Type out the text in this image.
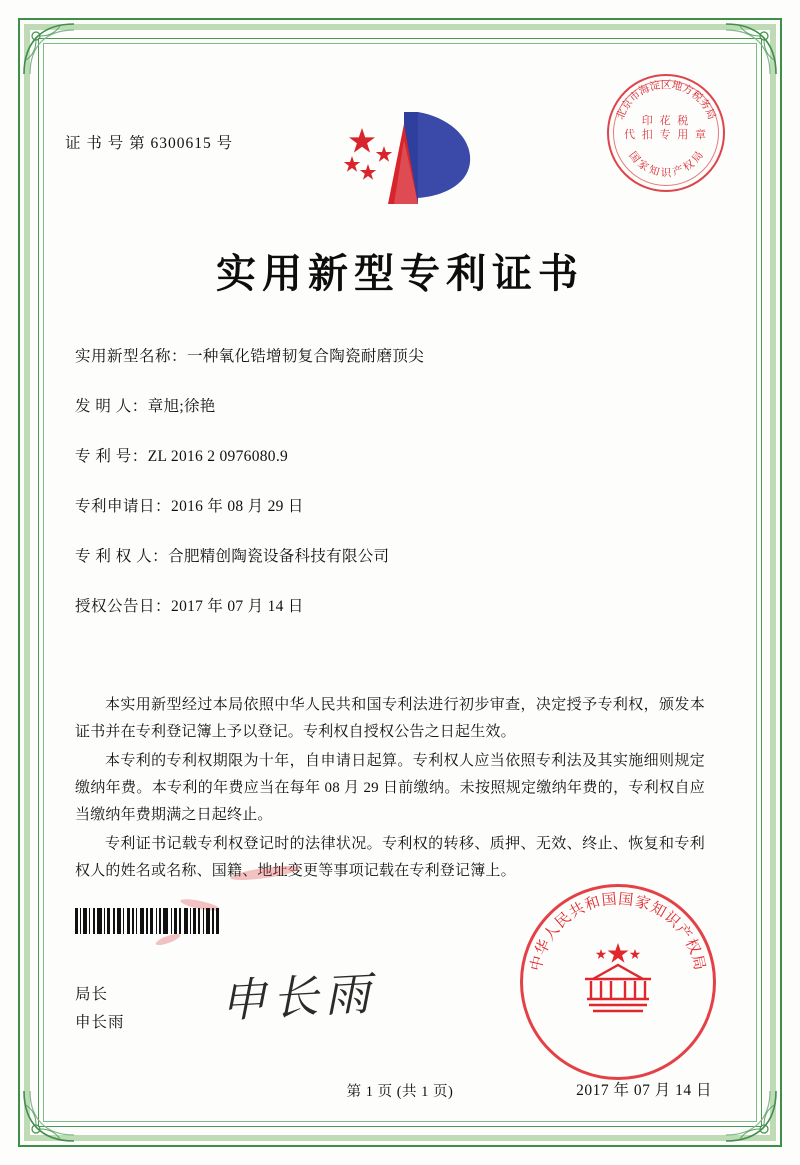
证 书 号 第 6300615 号
北京市海淀区地方税务局
国 家 知 识 产 权 局
印 花 税
代 扣 专 用 章
实用新型专利证书
实用新型名称：一种氧化锆增韧复合陶瓷耐磨顶尖
发 明 人：章旭;徐艳
专 利 号：ZL 2016 2 0976080.9
专利申请日：2016 年 08 月 29 日
专 利 权 人：合肥精创陶瓷设备科技有限公司
授权公告日：2017 年 07 月 14 日

本实用新型经过本局依照中华人民共和国专利法进行初步审查，决定授予专利权，颁发本证书并在专利登记簿上予以登记。专利权自授权公告之日起生效。

本专利的专利权期限为十年，自申请日起算。专利权人应当依照专利法及其实施细则规定缴纳年费。本专利的年费应当在每年 08 月 29 日前缴纳。未按照规定缴纳年费的，专利权自应当缴纳年费期满之日起终止。

专利证书记载专利权登记时的法律状况。专利权的转移、质押、无效、终止、恢复和专利权人的姓名或名称、国籍、地址变更等事项记载在专利登记簿上。

局长
申长雨 申长雨
中华人民共和国国家知识产权局
2017 年 07 月 14 日
第 1 页 (共 1 页)
